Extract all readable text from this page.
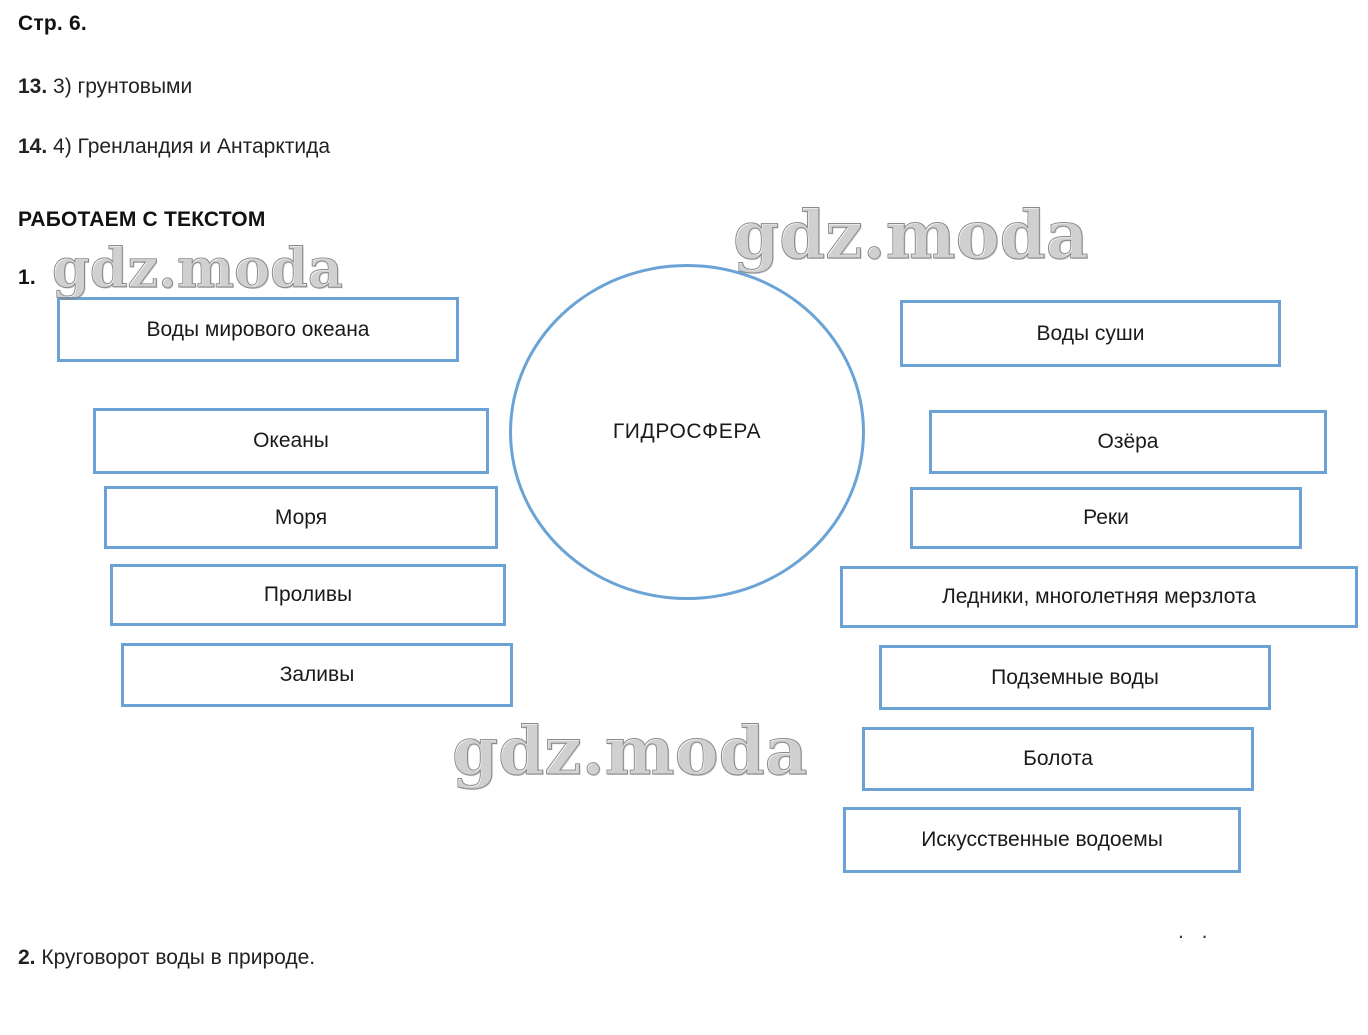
Стр. 6.
13. 3) грунтовыми
14. 4) Гренландия и Антарктида
РАБОТАЕМ С ТЕКСТОМ
1.
ГИДРОСФЕРА
Воды мирового океана
Океаны
Моря
Проливы
Заливы
Воды суши
Озёра
Реки
Ледники, многолетняя мерзлота
Подземные воды
Болота
Искусственные водоемы
gdz.moda	gdz.moda
gdz.moda
. .
2. Круговорот воды в природе.
